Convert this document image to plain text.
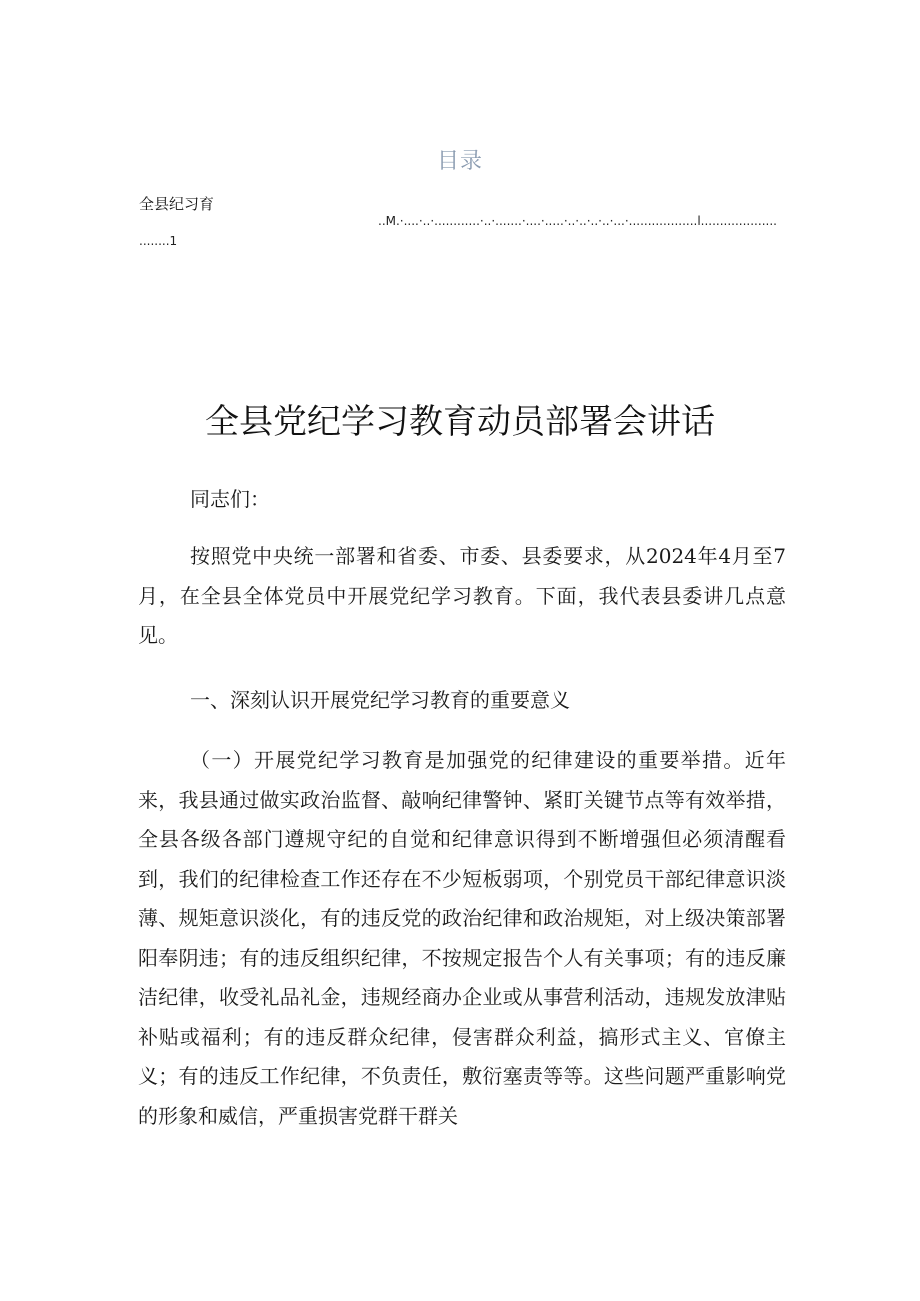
目录
全县纪习育
..M.·....·..·............·..·.......·....·.....·..·..·..·..·...·..................l....................
........1
全县党纪学习教育动员部署会讲话
同志们：
按照党中央统一部署和省委、市委、县委要求，从2024年4月至7月，在全县全体党员中开展党纪学习教育。下面，我代表县委讲几点意见。
一、深刻认识开展党纪学习教育的重要意义
（一）开展党纪学习教育是加强党的纪律建设的重要举措。近年来，我县通过做实政治监督、敲响纪律警钟、紧盯关键节点等有效举措，全县各级各部门遵规守纪的自觉和纪律意识得到不断增强但必须清醒看到，我们的纪律检查工作还存在不少短板弱项，个别党员干部纪律意识淡薄、规矩意识淡化，有的违反党的政治纪律和政治规矩，对上级决策部署阳奉阴违；有的违反组织纪律，不按规定报告个人有关事项；有的违反廉洁纪律，收受礼品礼金，违规经商办企业或从事营利活动，违规发放津贴补贴或福利；有的违反群众纪律，侵害群众利益，搞形式主义、官僚主义；有的违反工作纪律，不负责任，敷衍塞责等等。这些问题严重影响党的形象和威信，严重损害党群干群关
